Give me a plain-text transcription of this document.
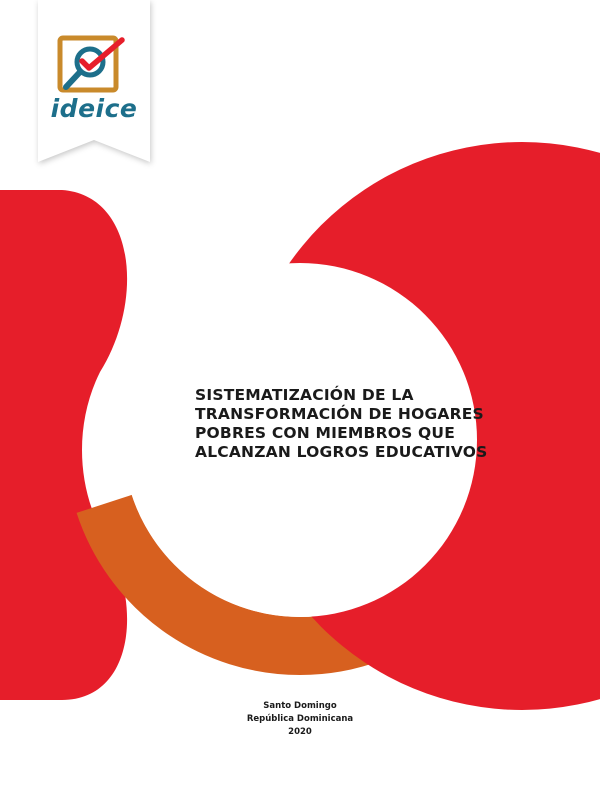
ideice
SISTEMATIZACIÓN DE LA
TRANSFORMACIÓN DE HOGARES
POBRES CON MIEMBROS QUE
ALCANZAN LOGROS EDUCATIVOS
Santo Domingo
República Dominicana
2020
